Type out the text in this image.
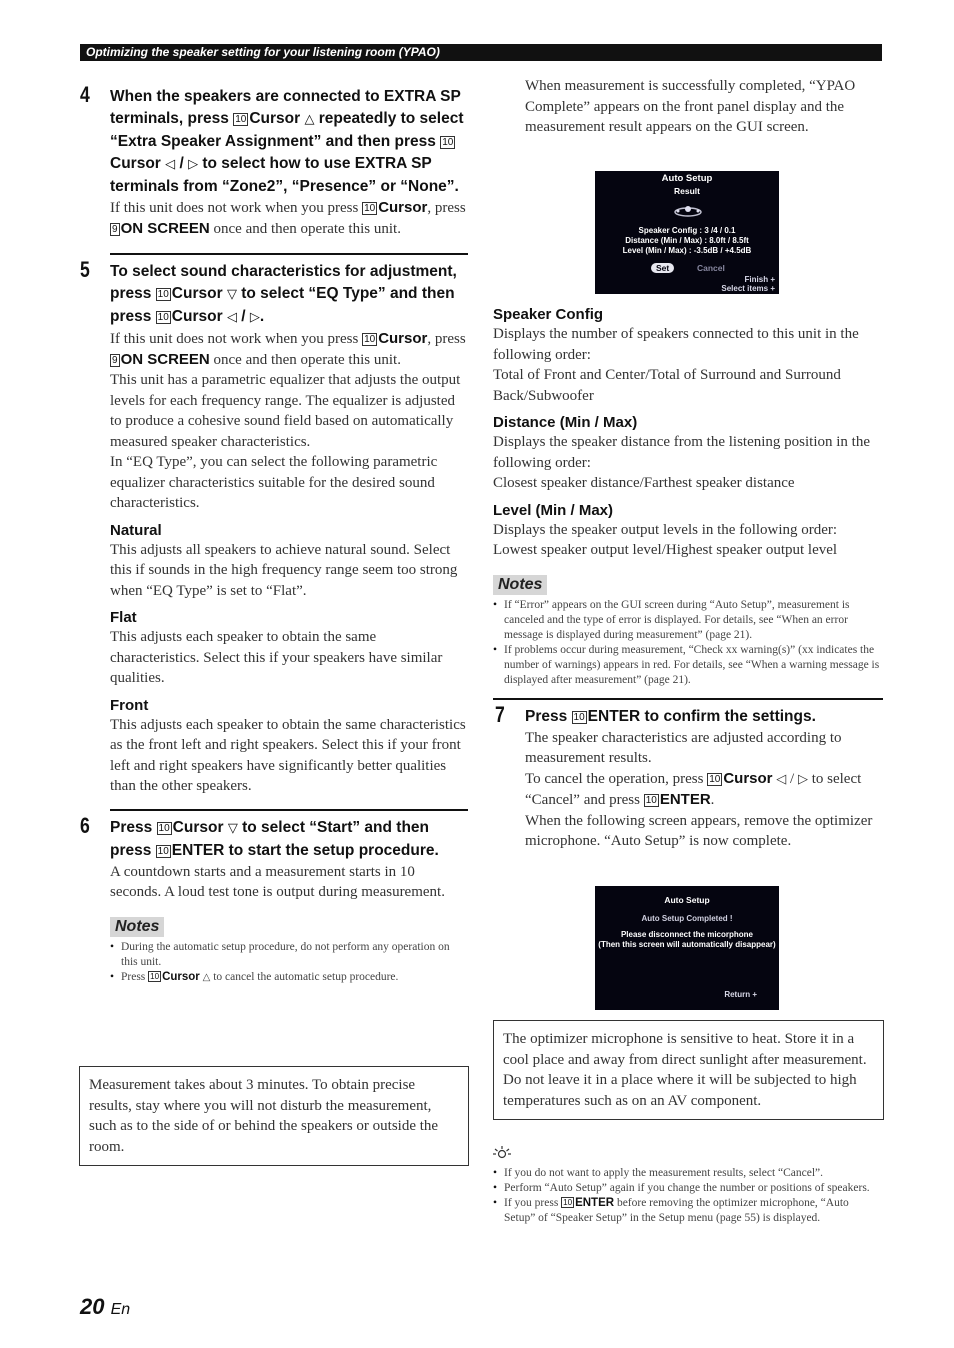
Optimizing the speaker setting for your listening room (YPAO)
4 When the speakers are connected to EXTRA SP terminals, press 10 Cursor △ repeatedly to select “Extra Speaker Assignment” and then press 10Cursor ◁ / ▷ to select how to use EXTRA SP terminals from “Zone2”, “Presence” or “None”.

If this unit does not work when you press 10 Cursor, press 9 ON SCREEN once and then operate this unit.

5 To select sound characteristics for adjustment, press 10 Cursor ▽ to select “EQ Type” and then press 10 Cursor ◁ / ▷.

If this unit does not work when you press 10 Cursor, press 9 ON SCREEN once and then operate this unit.

This unit has a parametric equalizer that adjusts the output levels for each frequency range. The equalizer is adjusted to produce a cohesive sound field based on automatically measured speaker characteristics.

In “EQ Type”, you can select the following parametric equalizer characteristics suitable for the desired sound characteristics.

Natural

This adjusts all speakers to achieve natural sound. Select this if sounds in the high frequency range seem too strong when “EQ Type” is set to “Flat”.

Flat

This adjusts each speaker to obtain the same characteristics. Select this if your speakers have similar qualities.

Front

This adjusts each speaker to obtain the same characteristics as the front left and right speakers. Select this if your front left and right speakers have significantly better qualities than the other speakers.

6 Press 10 Cursor ▽ to select “Start” and then press 10 ENTER to start the setup procedure.

A countdown starts and a measurement starts in 10 seconds. A loud test tone is output during measurement.

Notes
• During the automatic setup procedure, do not perform any operation on this unit.
• Press 10 Cursor △ to cancel the automatic setup procedure.
Measurement takes about 3 minutes. To obtain precise results, stay where you will not disturb the measurement, such as to the side of or behind the speakers or outside the room.

When measurement is successfully completed, “YPAO Complete” appears on the front panel display and the measurement result appears on the GUI screen.

Auto Setup
Result
Speaker Config : 3 /4 / 0.1
Distance (Min / Max) : 8.0ft / 8.5ft
Level (Min / Max) : -3.5dB / +4.5dB
Set	Cancel
Finish +
Select items +
Speaker Config

Displays the number of speakers connected to this unit in the following order:

Total of Front and Center/Total of Surround and Surround Back/Subwoofer

Distance (Min / Max)

Displays the speaker distance from the listening position in the following order:

Closest speaker distance/Farthest speaker distance

Level (Min / Max)

Displays the speaker output levels in the following order:

Lowest speaker output level/Highest speaker output level

Notes
• If “Error” appears on the GUI screen during “Auto Setup”, measurement is canceled and the type of error is displayed. For details, see “When an error message is displayed during measurement” (page 21).
• If problems occur during measurement, “Check xx warning(s)” (xx indicates the number of warnings) appears in red. For details, see “When a warning message is displayed after measurement” (page 21).
7 Press 10 ENTER to confirm the settings.

The speaker characteristics are adjusted according to measurement results.

To cancel the operation, press 10 Cursor ◁ / ▷ to select “Cancel” and press 10 ENTER.

When the following screen appears, remove the optimizer microphone. “Auto Setup” is now complete.

Auto Setup
Auto Setup Completed !
Please disconnect the micorphone
(Then this screen will automatically disappear)
Return +
The optimizer microphone is sensitive to heat. Store it in a cool place and away from direct sunlight after measurement. Do not leave it in a place where it will be subjected to high temperatures such as on an AV component.
• If you do not want to apply the measurement results, select “Cancel”.
• Perform “Auto Setup” again if you change the number or positions of speakers.
• If you press 10 ENTER before removing the optimizer microphone, “Auto Setup” of “Speaker Setup” in the Setup menu (page 55) is displayed.
20 En
